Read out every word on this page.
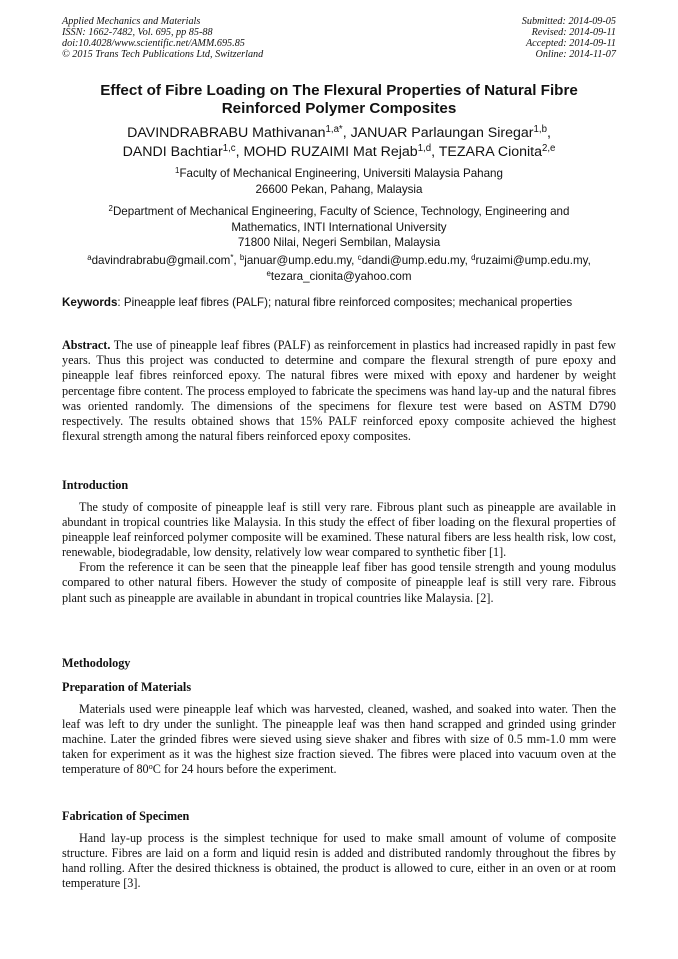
Applied Mechanics and Materials
ISSN: 1662-7482, Vol. 695, pp 85-88
doi:10.4028/www.scientific.net/AMM.695.85
© 2015 Trans Tech Publications Ltd, Switzerland
Submitted: 2014-09-05
Revised: 2014-09-11
Accepted: 2014-09-11
Online: 2014-11-07
Effect of Fibre Loading on The Flexural Properties of Natural Fibre
Reinforced Polymer Composites
DAVINDRABRABU Mathivanan$^{1,a*}$, JANUAR Parlaungan Siregar$^{1,b}$,
DANDI Bachtiar$^{1,c}$, MOHD RUZAIMI Mat Rejab$^{1,d}$, TEZARA Cionita$^{2,e}$
$^1$Faculty of Mechanical Engineering, Universiti Malaysia Pahang
26600 Pekan, Pahang, Malaysia
$^2$Department of Mechanical Engineering, Faculty of Science, Technology, Engineering and
Mathematics, INTI International University
71800 Nilai, Negeri Sembilan, Malaysia
$^a$davindrabrabu@gmail.com*, $^b$januar@ump.edu.my, $^c$dandi@ump.edu.my, $^d$ruzaimi@ump.edu.my,
$^e$tezara_cionita@yahoo.com
Keywords: Pineapple leaf fibres (PALF); natural fibre reinforced composites; mechanical properties
Abstract. The use of pineapple leaf fibres (PALF) as reinforcement in plastics had increased rapidly in past few years. Thus this project was conducted to determine and compare the flexural strength of pure epoxy and pineapple leaf fibres reinforced epoxy. The natural fibres were mixed with epoxy and hardener by weight percentage fibre content. The process employed to fabricate the specimens was hand lay-up and the natural fibres was oriented randomly. The dimensions of the specimens for flexure test were based on ASTM D790 respectively. The results obtained shows that 15% PALF reinforced epoxy composite achieved the highest flexural strength among the natural fibers reinforced epoxy composites.
Introduction

The study of composite of pineapple leaf is still very rare. Fibrous plant such as pineapple are available in abundant in tropical countries like Malaysia. In this study the effect of fiber loading on the flexural properties of pineapple leaf reinforced polymer composite will be examined. These natural fibers are less health risk, low cost, renewable, biodegradable, low density, relatively low wear compared to synthetic fiber [1].

From the reference it can be seen that the pineapple leaf fiber has good tensile strength and young modulus compared to other natural fibers. However the study of composite of pineapple leaf is still very rare. Fibrous plant such as pineapple are available in abundant in tropical countries like Malaysia. [2].

Methodology
Preparation of Materials

Materials used were pineapple leaf which was harvested, cleaned, washed, and soaked into water. Then the leaf was left to dry under the sunlight. The pineapple leaf was then hand scrapped and grinded using grinder machine. Later the grinded fibres were sieved using sieve shaker and fibres with size of 0.5 mm-1.0 mm were taken for experiment as it was the highest size fraction sieved. The fibres were placed into vacuum oven at the temperature of 80$^o$C for 24 hours before the experiment.

Fabrication of Specimen

Hand lay-up process is the simplest technique for used to make small amount of volume of composite structure. Fibres are laid on a form and liquid resin is added and distributed randomly throughout the fibres by hand rolling. After the desired thickness is obtained, the product is allowed to cure, either in an oven or at room temperature [3].
